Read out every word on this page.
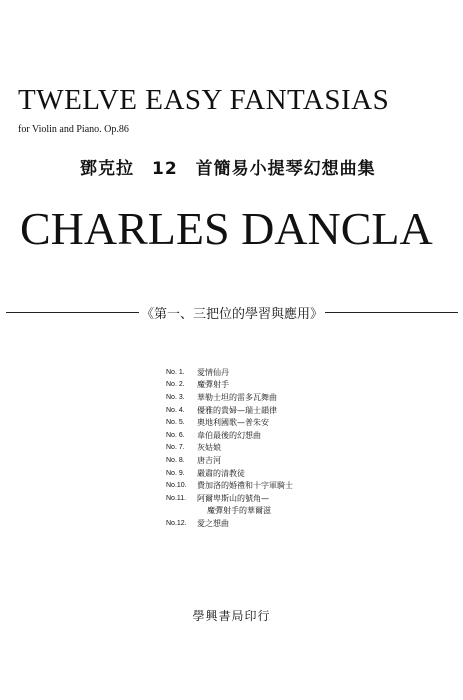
TWELVE EASY FANTASIAS
for Violin and Piano. Op.86
鄧克拉　12　首簡易小提琴幻想曲集
CHARLES DANCLA
《第一、三把位的學習與應用》
No. 1.	愛情仙丹
No. 2.	魔彈射手
No. 3.	華勒士坦的雷多瓦舞曲
No. 4.	優雅的貴婦—瑞士韻律
No. 5.	奧地利國歌—普朱安
No. 6.	韋伯最後的幻想曲
No. 7.	灰姑娘
No. 8.	唐吉河
No. 9.	嚴肅的清教徒
No.10.	費加洛的婚禮和十字軍騎士
No.11.	阿爾卑斯山的號角—
魔彈射手的華爾滋
No.12.	愛之想曲
學興書局印行
